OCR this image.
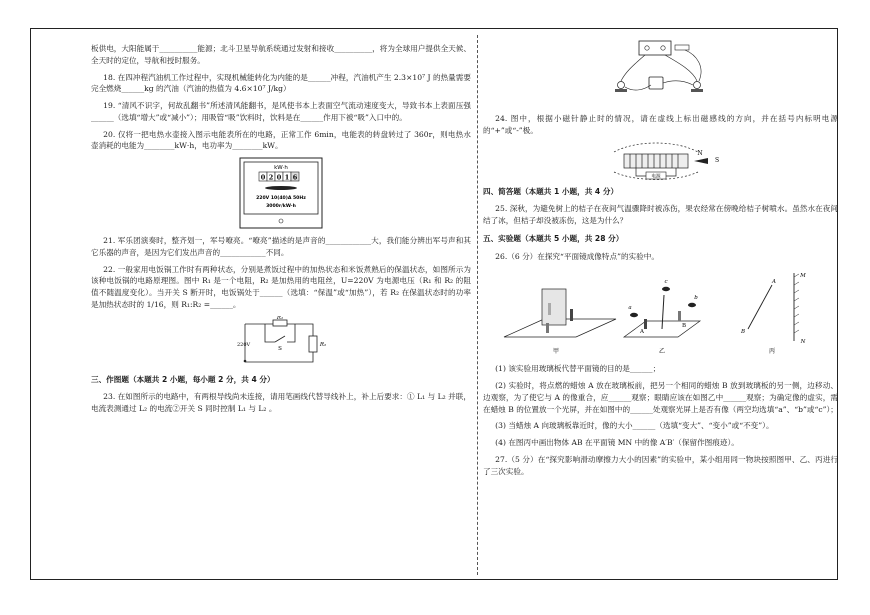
板供电，大阳能属于__________能源；北斗卫星导航系统通过发射和接收__________，将为全球用户提供全天候、全天时的定位，导航和授时服务。

18. 在四冲程汽油机工作过程中，实现机械能转化为内能的是______冲程，汽油机产生 2.3×10⁷ J 的热量需要完全燃烧______kg 的汽油（汽油的热值为 4.6×10⁷ J/kg）

19. “清风不识字，何故乱翻书”所述清风能翻书，是风使书本上表面空气流动速度变大，导致书本上表面压强______（选填“增大”或“减小”）；用吸管“吸”饮料时，饮料是在______作用下被“吸”入口中的。

20. 仅将一把电热水壶接入图示电能表所在的电路，正常工作 6min，电能表的转盘转过了 360r，则电热水壶消耗的电能为________kW·h，电功率为________kW。

kW·h
0 2 0 1 6
220V 10(40)A 50Hz
3000r/kW·h

21. 军乐团演奏时，整齐划一，军号嘹亮。“嘹亮”描述的是声音的____________大，我们能分辨出军号声和其它乐器的声音，是因为它们发出声音的____________不同。

22. 一般家用电饭锅工作时有两种状态，分别是煮饭过程中的加热状态和米饭煮熟后的保温状态，如图所示为该种电饭锅的电路原理图。图中 R₁ 是一个电阻，R₂ 是加热用的电阻丝，U=220V 为电源电压（R₁ 和 R₂ 的阻值不随温度变化）。当开关 S 断开时，电饭锅处于______（选填：“保温”或“加热”），若 R₂ 在保温状态时的功率是加热状态时的 1/16，则 R₁:R₂ =______。

R₁
R₂
S
220V
三、作图题（本题共 2 小题，每小题 2 分，共 4 分）

23. 在如图所示的电路中，有两根导线尚未连接，请用笔画线代替导线补上，补上后要求：① L₁ 与 L₂ 并联，电流表测通过 L₂ 的电流②开关 S 同时控制 L₁ 与 L₂ 。

24. 图中，根据小磁针静止时的情况，请在虚线上标出磁感线的方向，并在括号内标明电源的“+”或“-”极。

电源
N
S
四、简答题（本题共 1 小题，共 4 分）

25. 深秋，为避免树上的桔子在夜间气温骤降时被冻伤，果农经常在傍晚给桔子树喷水。虽然水在夜间结了冰，但桔子却没被冻伤，这是为什么？

五、实验题（本题共 5 小题，共 28 分）

26.（6 分）在探究“平面镜成像特点”的实验中。

甲
a
c
b
A
B
乙
M
N
A
B
丙

(1) 该实验用玻璃板代替平面镜的目的是______；

(2) 实验时，将点燃的蜡烛 A 放在玻璃板前，把另一个相同的蜡烛 B 放到玻璃板的另一侧，边移动、边观察，为了使它与 A 的像重合，应______观察；眼睛应该在如图乙中______观察；为确定像的虚实，需在蜡烛 B 的位置放一个光屏，并在如图中的______处观察光屏上是否有像（两空均选填“a”、“b”或“c”）；

(3) 当蜡烛 A 向玻璃板靠近时，像的大小______（选填“变大”、“变小”或“不变”）。

(4) 在图丙中画出物体 AB 在平面镜 MN 中的像 A′B′（保留作图痕迹）。

27.（5 分）在“探究影响滑动摩擦力大小的因素”的实验中，某小组用同一物块按照图甲、乙、丙进行了三次实验。
